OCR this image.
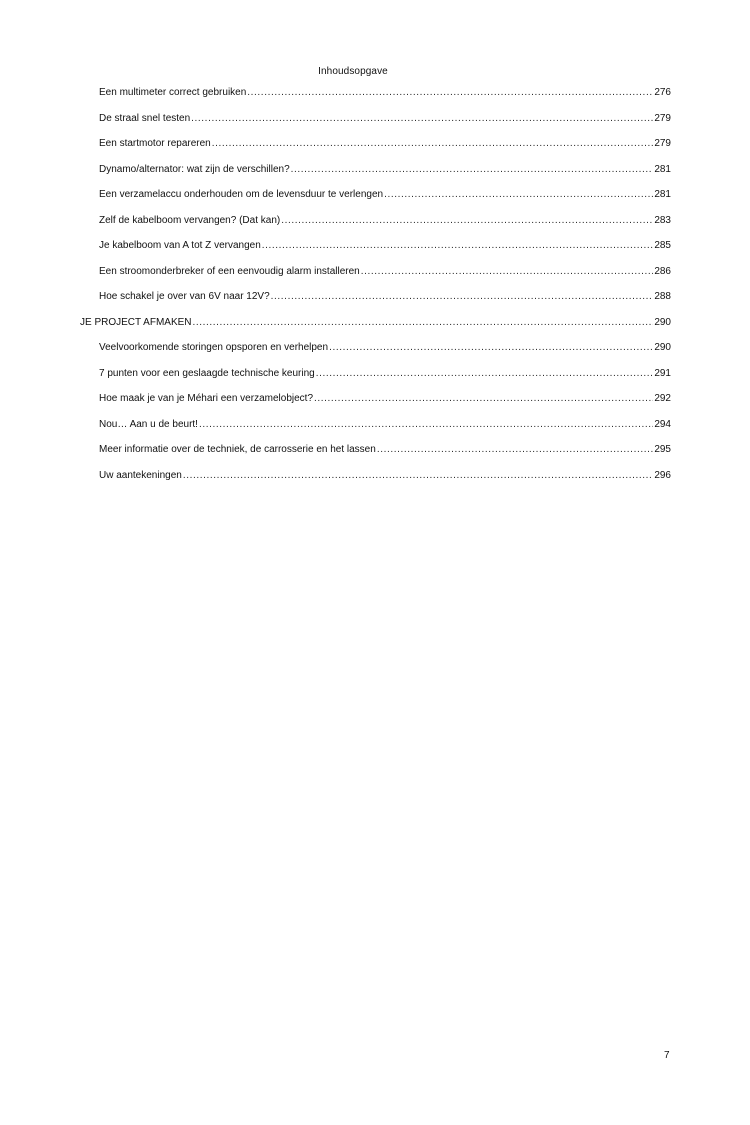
Inhoudsopgave
Een multimeter correct gebruiken .....	276
De straal snel testen .....	279
Een startmotor repareren .....	279
Dynamo/alternator: wat zijn de verschillen? .....	281
Een verzamelaccu onderhouden om de levensduur te verlengen .....	281
Zelf de kabelboom vervangen? (Dat kan) .....	283
Je kabelboom van A tot Z vervangen .....	285
Een stroomonderbreker of een eenvoudig alarm installeren .....	286
Hoe schakel je over van 6V naar 12V? .....	288
JE PROJECT AFMAKEN .....	290
Veelvoorkomende storingen opsporen en verhelpen .....	290
7 punten voor een geslaagde technische keuring .....	291
Hoe maak je van je Méhari een verzamelobject? .....	292
Nou… Aan u de beurt! .....	294
Meer informatie over de techniek, de carrosserie en het lassen .....	295
Uw aantekeningen .....	296
7
